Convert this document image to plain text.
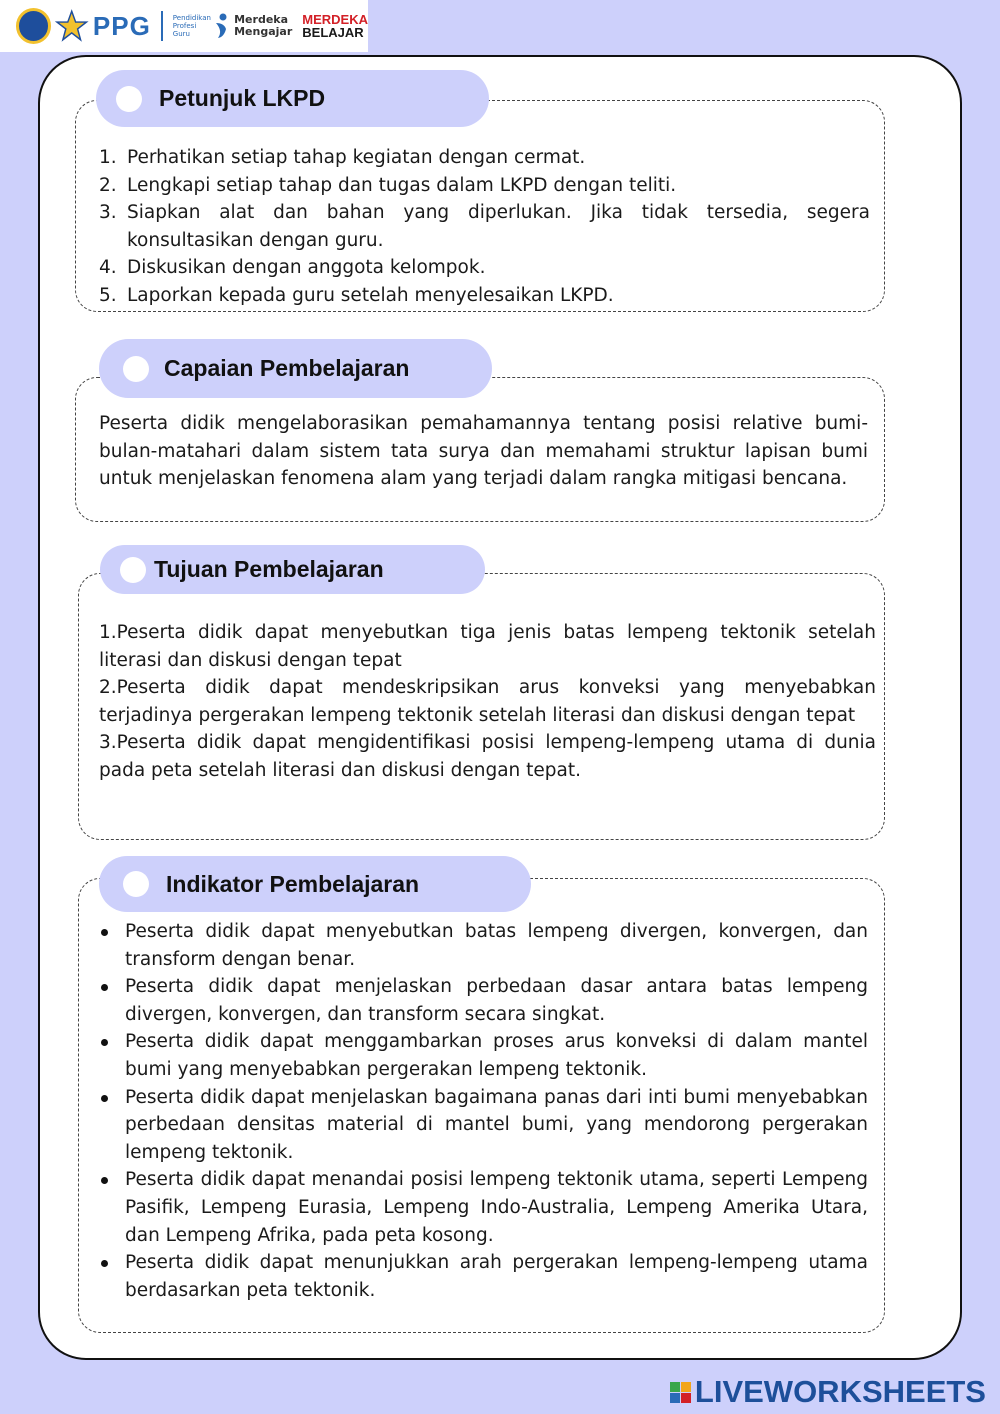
PPG	Pendidikan
Profesi
Guru
Merdeka
Mengajar
MERDEKA
BELAJAR
Petunjuk LKPD
1. Perhatikan setiap tahap kegiatan dengan cermat.
2. Lengkapi setiap tahap dan tugas dalam LKPD dengan teliti.
3. Siapkan alat dan bahan yang diperlukan. Jika tidak tersedia, segera konsultasikan dengan guru.
4. Diskusikan dengan anggota kelompok.
5. Laporkan kepada guru setelah menyelesaikan LKPD.
Capaian Pembelajaran
Peserta didik mengelaborasikan pemahamannya tentang posisi relative bumi-bulan-matahari dalam sistem tata surya dan memahami struktur lapisan bumi untuk menjelaskan fenomena alam yang terjadi dalam rangka mitigasi bencana.
Tujuan Pembelajaran

1.Peserta didik dapat menyebutkan tiga jenis batas lempeng tektonik setelah literasi dan diskusi dengan tepat

2.Peserta didik dapat mendeskripsikan arus konveksi yang menyebabkan terjadinya pergerakan lempeng tektonik setelah literasi dan diskusi dengan tepat

3.Peserta didik dapat mengidentifikasi posisi lempeng-lempeng utama di dunia pada peta setelah literasi dan diskusi dengan tepat.

Indikator Pembelajaran
Peserta didik dapat menyebutkan batas lempeng divergen, konvergen, dan transform dengan benar.
Peserta didik dapat menjelaskan perbedaan dasar antara batas lempeng divergen, konvergen, dan transform secara singkat.
Peserta didik dapat menggambarkan proses arus konveksi di dalam mantel bumi yang menyebabkan pergerakan lempeng tektonik.
Peserta didik dapat menjelaskan bagaimana panas dari inti bumi menyebabkan perbedaan densitas material di mantel bumi, yang mendorong pergerakan lempeng tektonik.
Peserta didik dapat menandai posisi lempeng tektonik utama, seperti Lempeng Pasifik, Lempeng Eurasia, Lempeng Indo-Australia, Lempeng Amerika Utara, dan Lempeng Afrika, pada peta kosong.
Peserta didik dapat menunjukkan arah pergerakan lempeng-lempeng utama berdasarkan peta tektonik.
LIVEWORKSHEETS
